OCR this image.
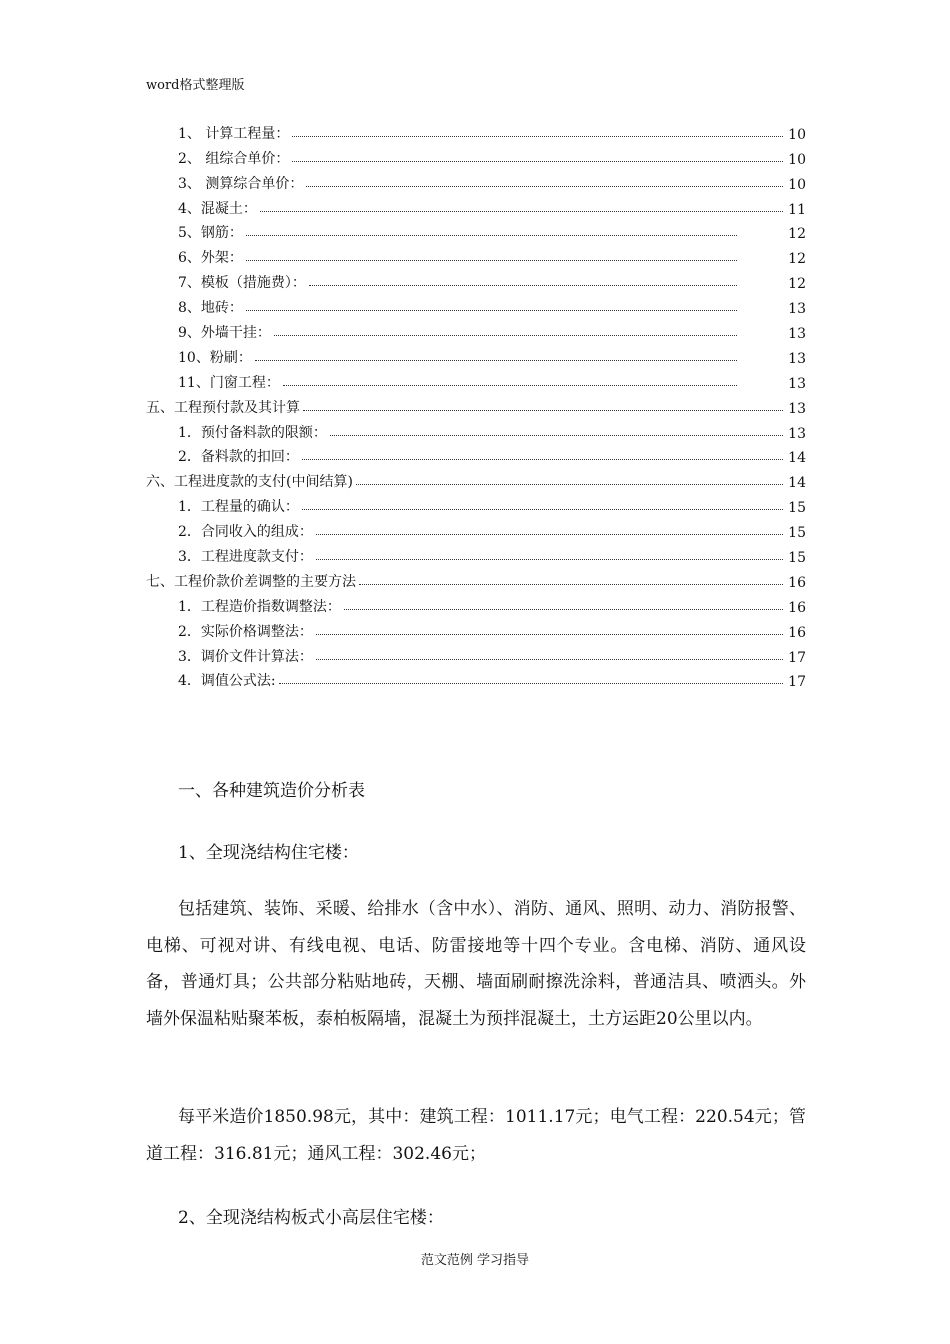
word格式整理版
1、 计算工程量：	10
2、 组综合单价：	10
3、 测算综合单价：	10
4、混凝土：	11
5、钢筋：	12
6、外架：	12
7、模板（措施费）：	12
8、地砖：	13
9、外墙干挂：	13
10、粉刷：	13
11、门窗工程：	13
五、工程预付款及其计算	13
1．预付备料款的限额：	13
2．备料款的扣回：	14
六、工程进度款的支付(中间结算)	14
1．工程量的确认：	15
2．合同收入的组成：	15
3．工程进度款支付：	15
七、工程价款价差调整的主要方法	16
1．工程造价指数调整法：	16
2．实际价格调整法：	16
3．调价文件计算法：	17
4．调值公式法:	17
一、各种建筑造价分析表
1、全现浇结构住宅楼：
包括建筑、装饰、采暖、给排水（含中水）、消防、通风、照明、动力、消防报警、电梯、可视对讲、有线电视、电话、防雷接地等十四个专业。含电梯、消防、通风设备，普通灯具；公共部分粘贴地砖，天棚、墙面刷耐擦洗涂料，普通洁具、喷洒头。外墙外保温粘贴聚苯板，泰柏板隔墙，混凝土为预拌混凝土，土方运距20公里以内。
每平米造价1850.98元，其中：建筑工程：1011.17元；电气工程：220.54元；管道工程：316.81元；通风工程：302.46元；
2、全现浇结构板式小高层住宅楼：
范文范例 学习指导
